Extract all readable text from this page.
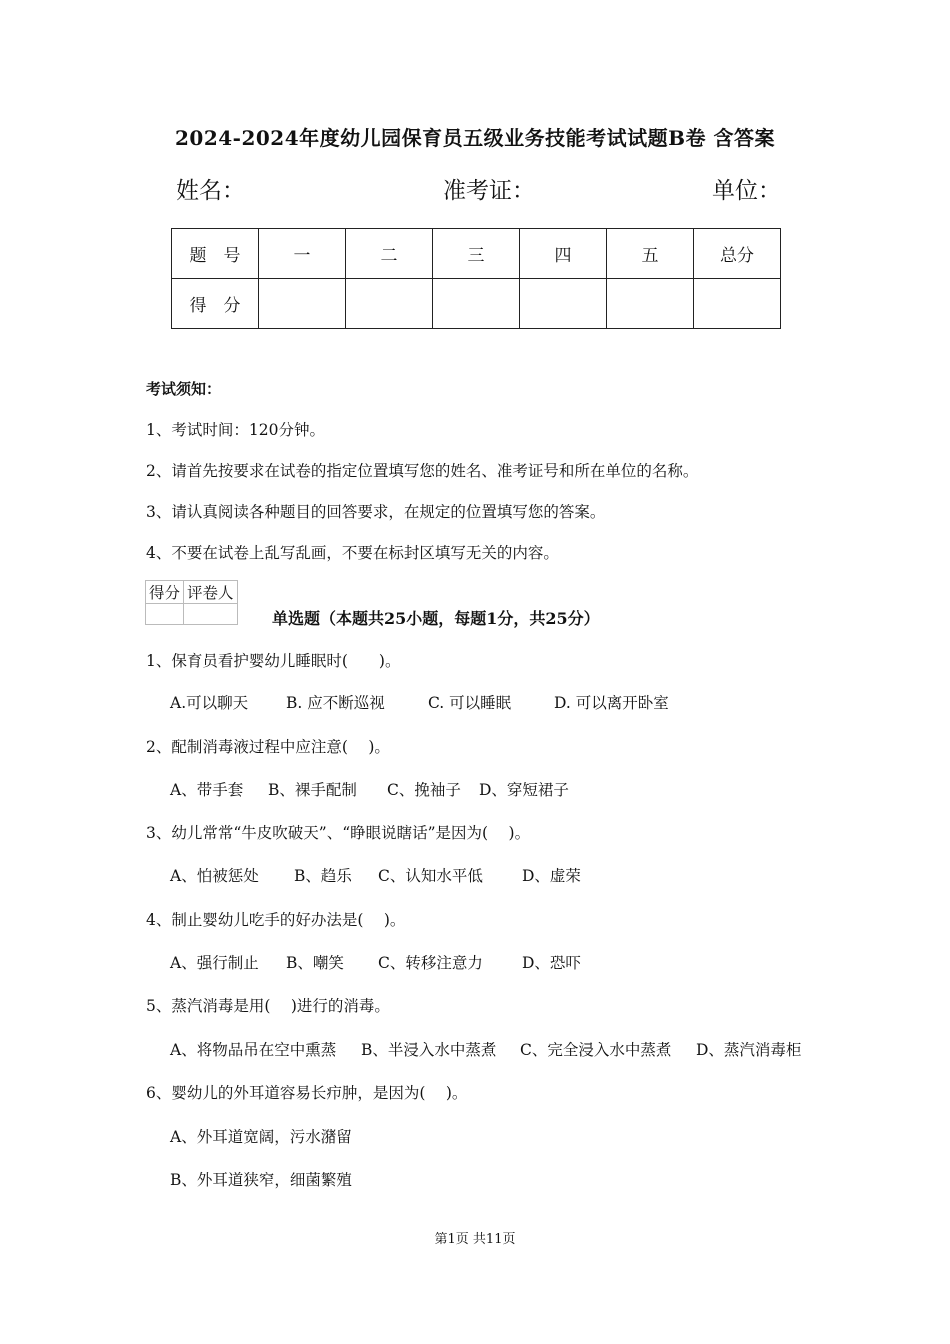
2024-2024年度幼儿园保育员五级业务技能考试试题B卷 含答案
姓名：	准考证：	单位：
题　号	一	二	三	四	五	总分
得　分						
考试须知：
1、考试时间：120分钟。
2、请首先按要求在试卷的指定位置填写您的姓名、准考证号和所在单位的名称。
3、请认真阅读各种题目的回答要求，在规定的位置填写您的答案。
4、不要在试卷上乱写乱画，不要在标封区填写无关的内容。
得分	评卷人

单选题（本题共25小题，每题1分，共25分）
1、保育员看护婴幼儿睡眠时(　　)。
A.可以聊天 B. 应不断巡视	C. 可以睡眠	D. 可以离开卧室
2、配制消毒液过程中应注意(　 )。
A、带手套 B、裸手配制 C、挽袖子 D、穿短裙子
3、幼儿常常“牛皮吹破天”、“睁眼说瞎话”是因为(　 )。
A、怕被惩处 B、趋乐 C、认知水平低	D、虚荣
4、制止婴幼儿吃手的好办法是(　 )。
A、强行制止 B、嘲笑 C、转移注意力	D、恐吓
5、蒸汽消毒是用(　 )进行的消毒。
A、将物品吊在空中熏蒸 B、半浸入水中蒸煮 C、完全浸入水中蒸煮 D、蒸汽消毒柜
6、婴幼儿的外耳道容易长疖肿，是因为(　 )。
A、外耳道宽阔，污水潴留
B、外耳道狭窄，细菌繁殖
第1页 共11页
